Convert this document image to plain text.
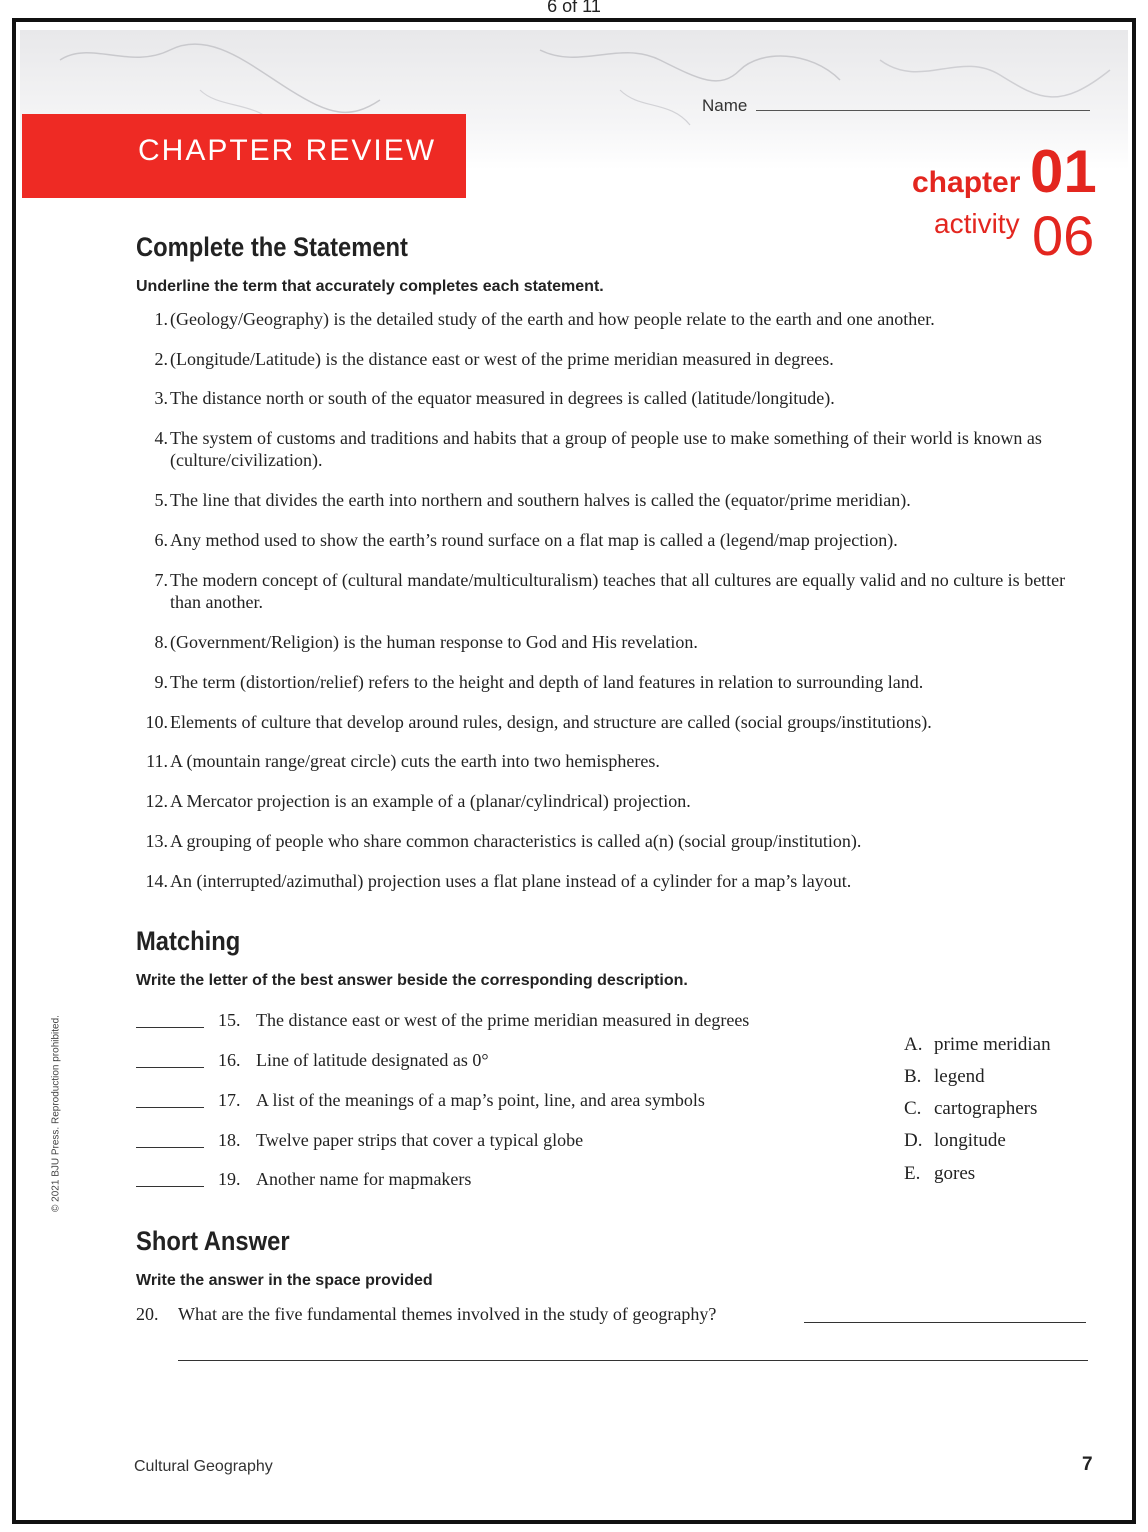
6 of 11
Name
CHAPTER REVIEW
chapter 01
activity 06
Complete the Statement
Underline the term that accurately completes each statement.
1. (Geology/Geography) is the detailed study of the earth and how people relate to the earth and one another.
2. (Longitude/Latitude) is the distance east or west of the prime meridian measured in degrees.
3. The distance north or south of the equator measured in degrees is called (latitude/longitude).
4. The system of customs and traditions and habits that a group of people use to make something of their world is known as (culture/civilization).
5. The line that divides the earth into northern and southern halves is called the (equator/prime meridian).
6. Any method used to show the earth’s round surface on a flat map is called a (legend/map projection).
7. The modern concept of (cultural mandate/multiculturalism) teaches that all cultures are equally valid and no culture is better than another.
8. (Government/Religion) is the human response to God and His revelation.
9. The term (distortion/relief) refers to the height and depth of land features in relation to surrounding land.
10. Elements of culture that develop around rules, design, and structure are called (social groups/institutions).
11. A (mountain range/great circle) cuts the earth into two hemispheres.
12. A Mercator projection is an example of a (planar/cylindrical) projection.
13. A grouping of people who share common characteristics is called a(n) (social group/institution).
14. An (interrupted/azimuthal) projection uses a flat plane instead of a cylinder for a map’s layout.
Matching
Write the letter of the best answer beside the corresponding description.
15. The distance east or west of the prime meridian measured in degrees
16. Line of latitude designated as 0°
17. A list of the meanings of a map’s point, line, and area symbols
18. Twelve paper strips that cover a typical globe
19. Another name for mapmakers
A. prime meridian
B. legend
C. cartographers
D. longitude
E. gores
Short Answer
Write the answer in the space provided
20. What are the five fundamental themes involved in the study of geography?
© 2021 BJU Press. Reproduction prohibited.
Cultural Geography	7
